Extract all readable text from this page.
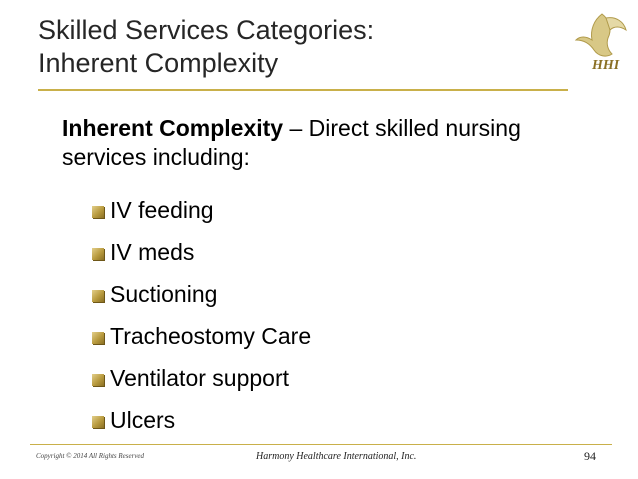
Skilled Services Categories:
Inherent Complexity	HHI
Inherent Complexity – Direct skilled nursing services including:
IV feeding
IV meds
Suctioning
Tracheostomy Care
Ventilator support
Ulcers
Copyright © 2014 All Rights Reserved	Harmony Healthcare International, Inc.	94
